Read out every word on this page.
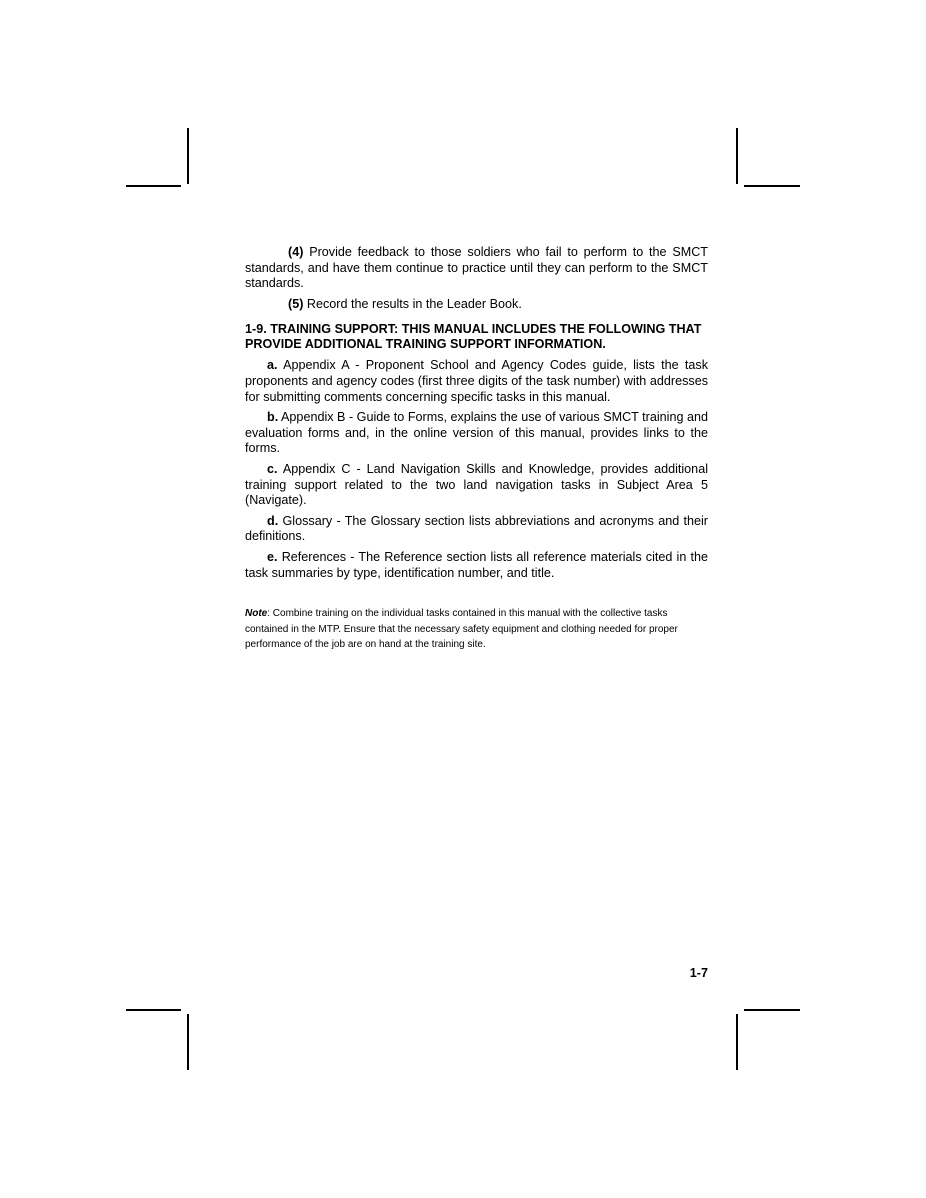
(4) Provide feedback to those soldiers who fail to perform to the SMCT standards, and have them continue to practice until they can perform to the SMCT standards.

(5) Record the results in the Leader Book.

1-9. TRAINING SUPPORT: THIS MANUAL INCLUDES THE FOLLOWING THAT PROVIDE ADDITIONAL TRAINING SUPPORT INFORMATION.

a. Appendix A - Proponent School and Agency Codes guide, lists the task proponents and agency codes (first three digits of the task number) with addresses for submitting comments concerning specific tasks in this manual.

b. Appendix B - Guide to Forms, explains the use of various SMCT training and evaluation forms and, in the online version of this manual, provides links to the forms.

c. Appendix C - Land Navigation Skills and Knowledge, provides additional training support related to the two land navigation tasks in Subject Area 5 (Navigate).

d. Glossary - The Glossary section lists abbreviations and acronyms and their definitions.

e. References - The Reference section lists all reference materials cited in the task summaries by type, identification number, and title.

Note: Combine training on the individual tasks contained in this manual with the collective tasks contained in the MTP. Ensure that the necessary safety equipment and clothing needed for proper performance of the job are on hand at the training site.
1-7
